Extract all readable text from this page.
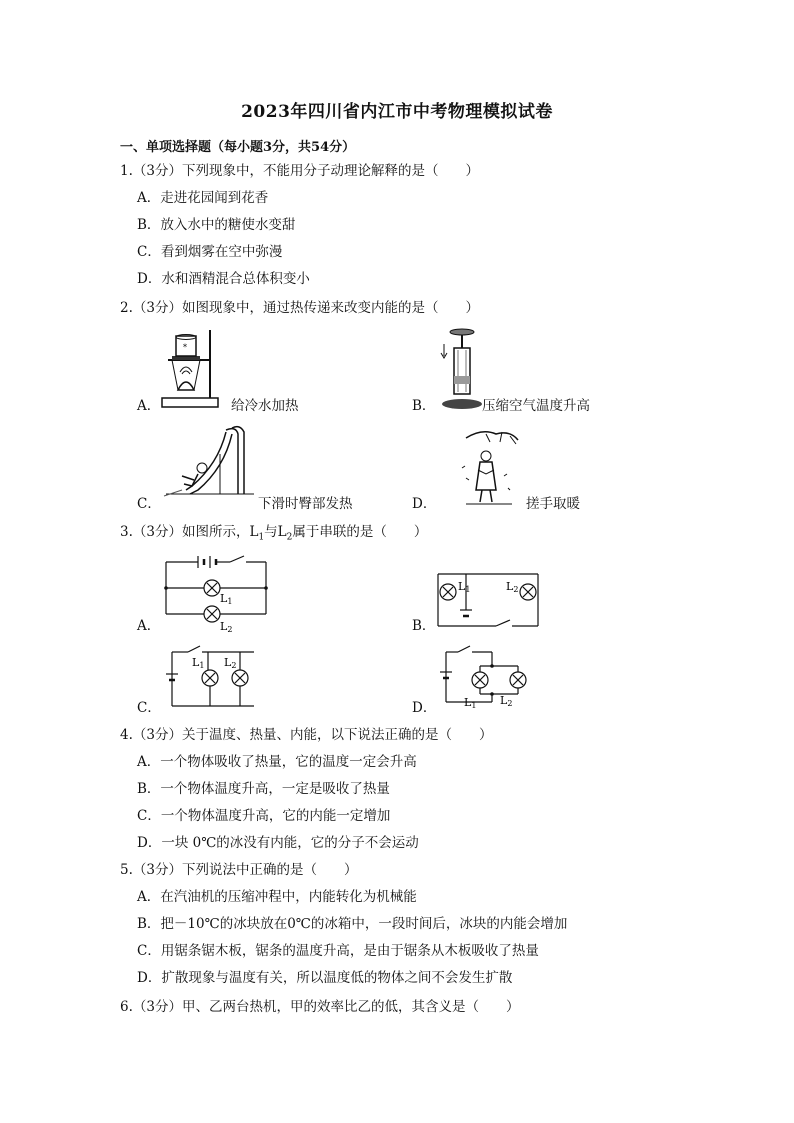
2023年四川省内江市中考物理模拟试卷
一、单项选择题（每小题3分，共54分）
1.（3分）下列现象中，不能用分子动理论解释的是（　　）
A．走进花园闻到花香
B．放入水中的糖使水变甜
C．看到烟雾在空中弥漫
D．水和酒精混合总体积变小
2.（3分）如图现象中，通过热传递来改变内能的是（　　）
*
A．	给冷水加热	B．	压缩空气温度升高
C．	下滑时臀部发热	D．	搓手取暖
3.（3分）如图所示，$L_1$与$L_2$属于串联的是（　　）
L1
L2
A．
L1	L2
B．
L1 L2
C．	L1 L2
D．
4.（3分）关于温度、热量、内能，以下说法正确的是（　　）
A．一个物体吸收了热量，它的温度一定会升高
B．一个物体温度升高，一定是吸收了热量
C．一个物体温度升高，它的内能一定增加
D．一块 0℃的冰没有内能，它的分子不会运动
5.（3分）下列说法中正确的是（　　）
A．在汽油机的压缩冲程中，内能转化为机械能
B．把－10℃的冰块放在0℃的冰箱中，一段时间后，冰块的内能会增加
C．用锯条锯木板，锯条的温度升高，是由于锯条从木板吸收了热量
D．扩散现象与温度有关，所以温度低的物体之间不会发生扩散
6.（3分）甲、乙两台热机，甲的效率比乙的低，其含义是（　　）
